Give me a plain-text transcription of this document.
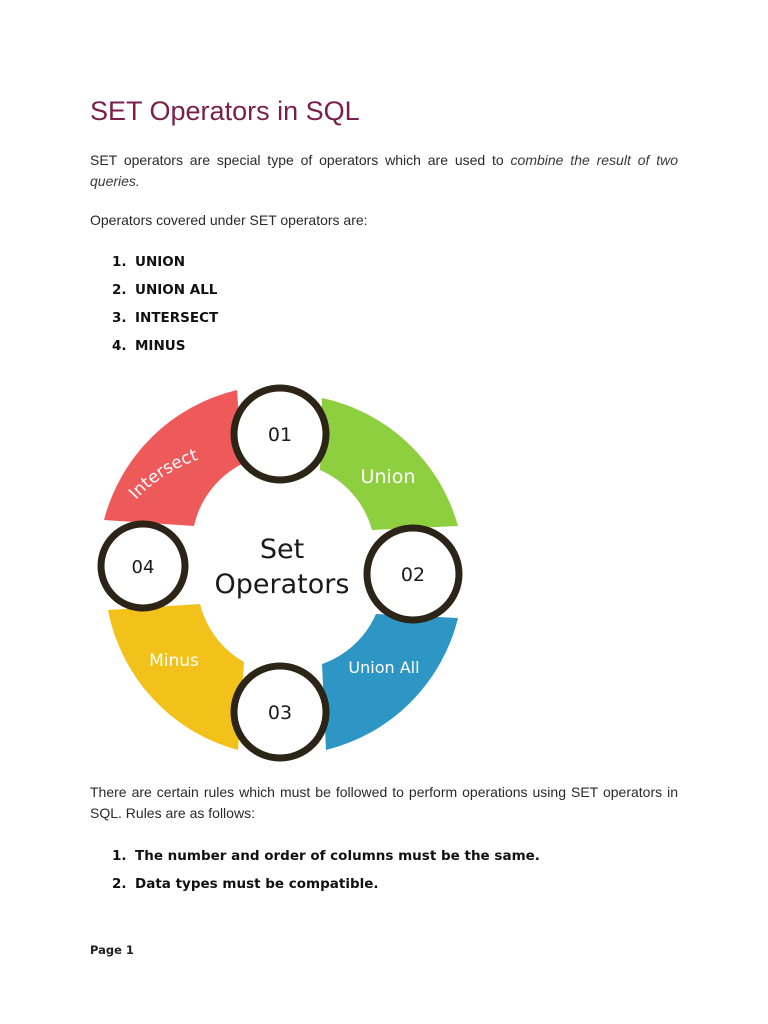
SET Operators in SQL

SET operators are special type of operators which are used to combine the result of two queries.

Operators covered under SET operators are:

1. UNION
2. UNION ALL
3. INTERSECT
4. MINUS
Intersect
Union
Union All
Minus
Set
Operators
01
02
03
04

There are certain rules which must be followed to perform operations using SET operators in SQL. Rules are as follows:

1. The number and order of columns must be the same.
2. Data types must be compatible.
Page 1
